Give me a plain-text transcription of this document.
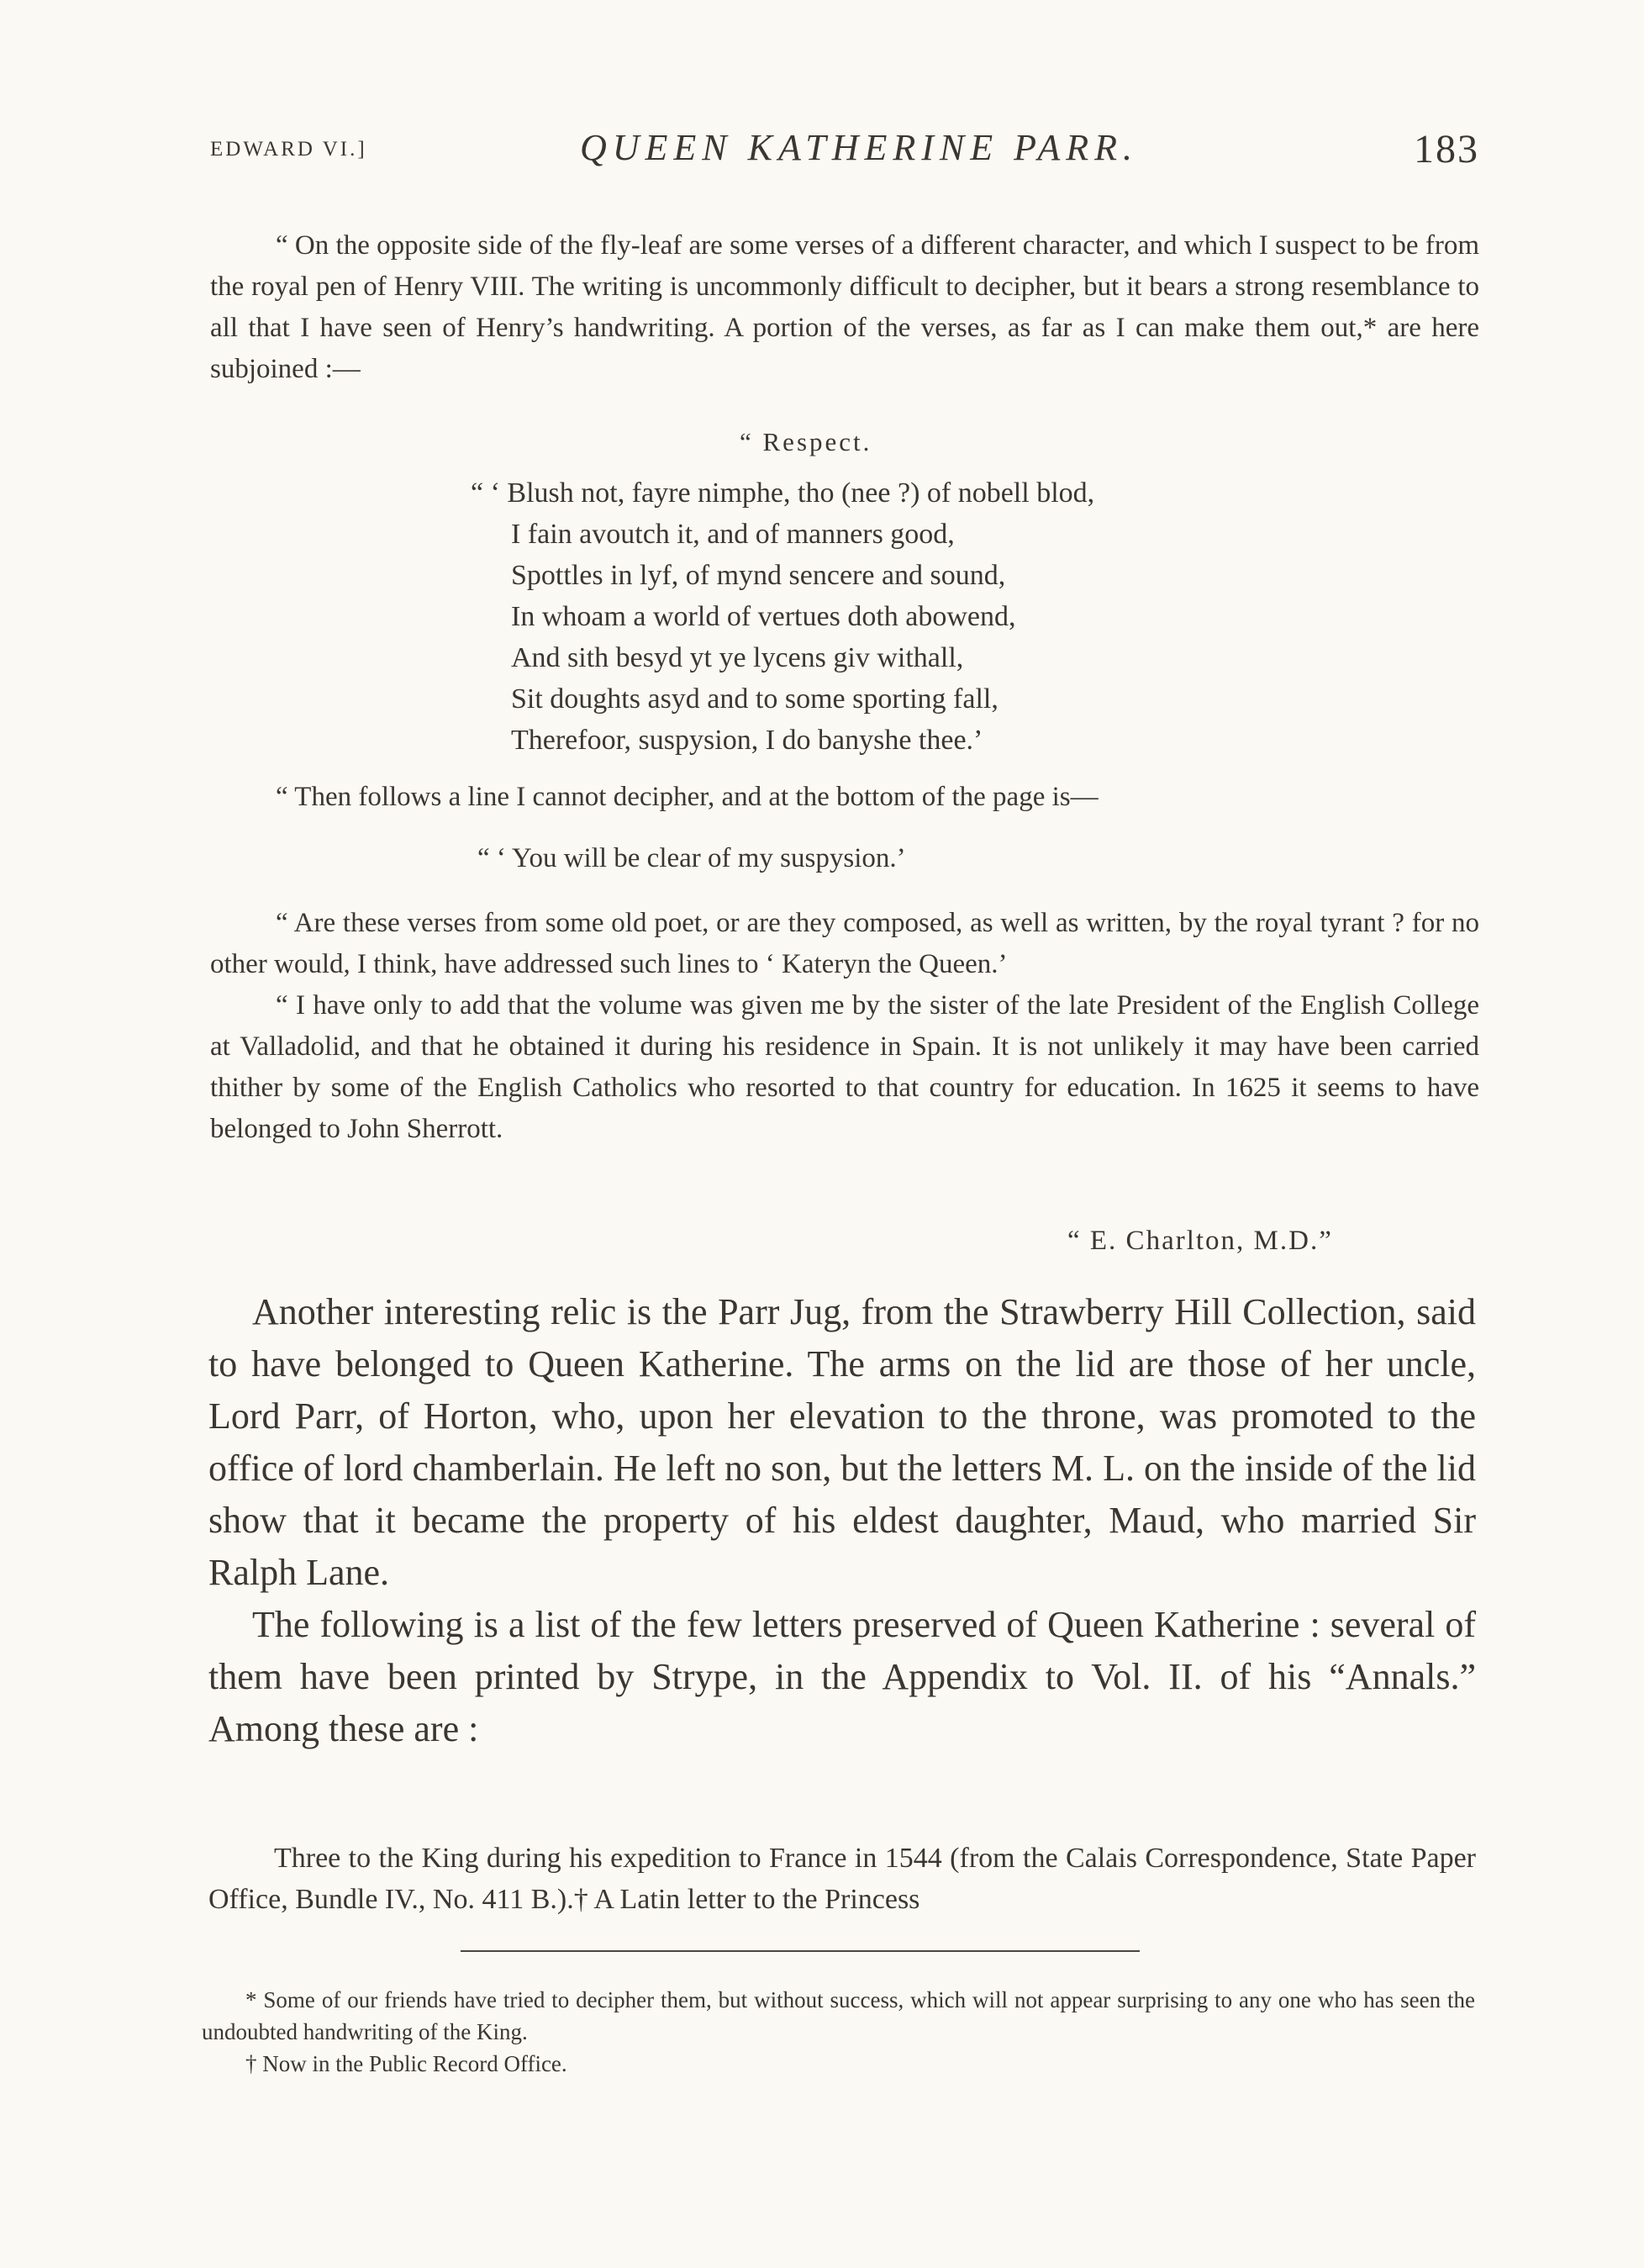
EDWARD VI.]	QUEEN KATHERINE PARR.	183

“ On the opposite side of the fly-leaf are some verses of a different character, and which I suspect to be from the royal pen of Henry VIII. The writing is uncommonly difficult to decipher, but it bears a strong resemblance to all that I have seen of Henry’s handwriting. A portion of the verses, as far as I can make them out,* are here subjoined :—

“ Respect.
“ ‘ Blush not, fayre nimphe, tho (nee ?) of nobell blod,
I fain avoutch it, and of manners good,
Spottles in lyf, of mynd sencere and sound,
In whoam a world of vertues doth abowend,
And sith besyd yt ye lycens giv withall,
Sit doughts asyd and to some sporting fall,
Therefoor, suspysion, I do banyshe thee.’
“ Then follows a line I cannot decipher, and at the bottom of the page is—
“ ‘ You will be clear of my suspysion.’

“ Are these verses from some old poet, or are they composed, as well as written, by the royal tyrant ? for no other would, I think, have addressed such lines to ‘ Kateryn the Queen.’

“ I have only to add that the volume was given me by the sister of the late President of the English College at Valladolid, and that he obtained it during his residence in Spain. It is not unlikely it may have been carried thither by some of the English Catholics who resorted to that country for education. In 1625 it seems to have belonged to John Sherrott.

“ E. Charlton, M.D.”

Another interesting relic is the Parr Jug, from the Strawberry Hill Collection, said to have belonged to Queen Katherine. The arms on the lid are those of her uncle, Lord Parr, of Horton, who, upon her elevation to the throne, was promoted to the office of lord chamberlain. He left no son, but the letters M. L. on the inside of the lid show that it became the property of his eldest daughter, Maud, who married Sir Ralph Lane.

The following is a list of the few letters preserved of Queen Katherine : several of them have been printed by Strype, in the Appendix to Vol. II. of his “Annals.” Among these are :

Three to the King during his expedition to France in 1544 (from the Calais Correspondence, State Paper Office, Bundle IV., No. 411 B.).† A Latin letter to the Princess

* Some of our friends have tried to decipher them, but without success, which will not appear surprising to any one who has seen the undoubted handwriting of the King.

† Now in the Public Record Office.
